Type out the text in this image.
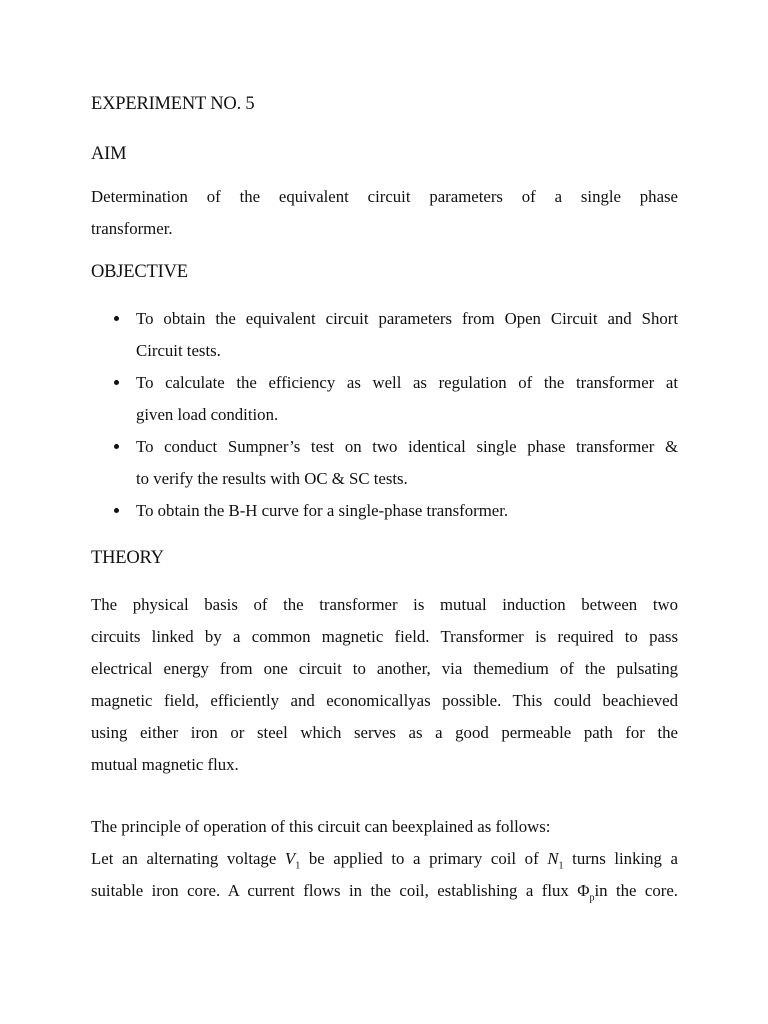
EXPERIMENT NO. 5
AIM
Determination of the equivalent circuit parameters of a single phase
transformer.
OBJECTIVE
To obtain the equivalent circuit parameters from Open Circuit and Short
Circuit tests.
To calculate the efficiency as well as regulation of the transformer at
given load condition.
To conduct Sumpner’s test on two identical single phase transformer &
to verify the results with OC & SC tests.
To obtain the B-H curve for a single-phase transformer.
THEORY
The physical basis of the transformer is mutual induction between two
circuits linked by a common magnetic field. Transformer is required to pass
electrical energy from one circuit to another, via themedium of the pulsating
magnetic field, efficiently and economicallyas possible. This could beachieved
using either iron or steel which serves as a good permeable path for the
mutual magnetic flux.
The principle of operation of this circuit can beexplained as follows:
Let an alternating voltage $V_1$ be applied to a primary coil of $N_1$ turns linking a
suitable iron core. A current flows in the coil, establishing a flux $\Phi_pin$ the core.
